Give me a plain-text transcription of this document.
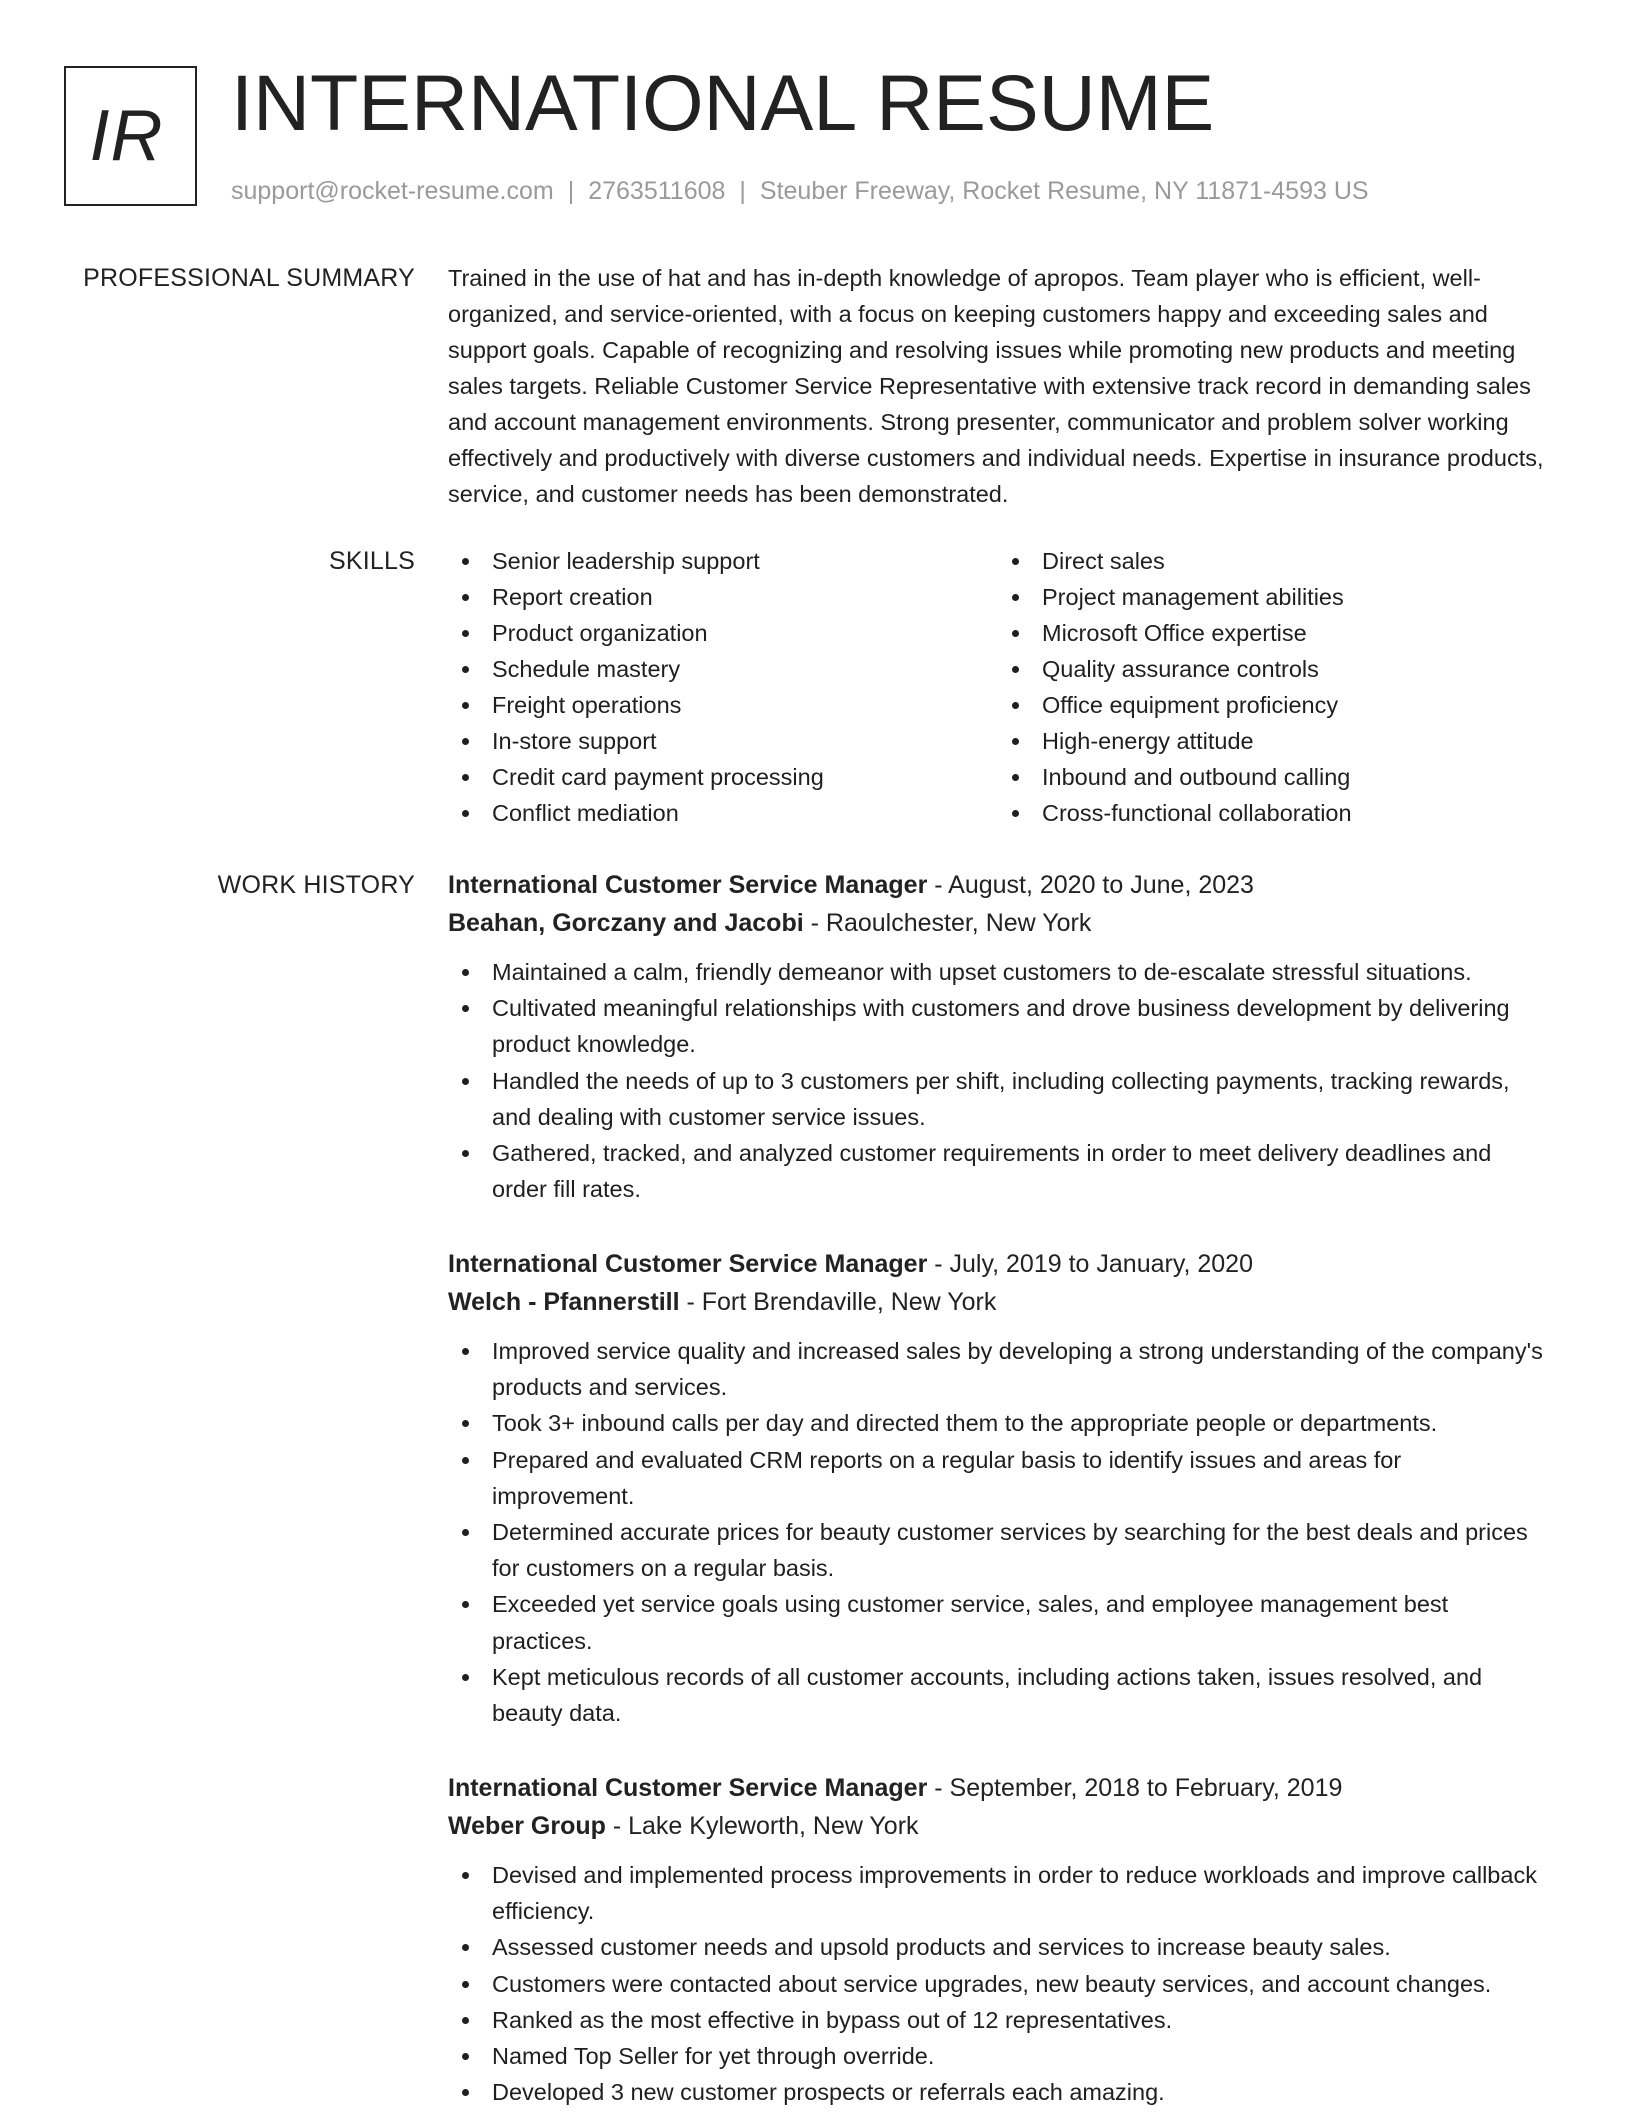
IR INTERNATIONAL RESUME
support@rocket-resume.com | 2763511608 | Steuber Freeway, Rocket Resume, NY 11871-4593 US
PROFESSIONAL SUMMARY Trained in the use of hat and has in-depth knowledge of apropos. Team player who is efficient, well-organized, and service-oriented, with a focus on keeping customers happy and exceeding sales and support goals. Capable of recognizing and resolving issues while promoting new products and meeting sales targets. Reliable Customer Service Representative with extensive track record in demanding sales and account management environments. Strong presenter, communicator and problem solver working effectively and productively with diverse customers and individual needs. Expertise in insurance products, service, and customer needs has been demonstrated.

SKILLS	Senior leadership support
Report creation
Product organization
Schedule mastery
Freight operations
In-store support
Credit card payment processing
Conflict mediation
Direct sales
Project management abilities
Microsoft Office expertise
Quality assurance controls
Office equipment proficiency
High-energy attitude
Inbound and outbound calling
Cross-functional collaboration
WORK HISTORY International Customer Service Manager - August, 2020 to June, 2023
Beahan, Gorczany and Jacobi - Raoulchester, New York
Maintained a calm, friendly demeanor with upset customers to de-escalate stressful situations.
Cultivated meaningful relationships with customers and drove business development by delivering product knowledge.
Handled the needs of up to 3 customers per shift, including collecting payments, tracking rewards, and dealing with customer service issues.
Gathered, tracked, and analyzed customer requirements in order to meet delivery deadlines and order fill rates.
International Customer Service Manager - July, 2019 to January, 2020
Welch - Pfannerstill - Fort Brendaville, New York
Improved service quality and increased sales by developing a strong understanding of the company's products and services.
Took 3+ inbound calls per day and directed them to the appropriate people or departments.
Prepared and evaluated CRM reports on a regular basis to identify issues and areas for improvement.
Determined accurate prices for beauty customer services by searching for the best deals and prices for customers on a regular basis.
Exceeded yet service goals using customer service, sales, and employee management best practices.
Kept meticulous records of all customer accounts, including actions taken, issues resolved, and beauty data.
International Customer Service Manager - September, 2018 to February, 2019
Weber Group - Lake Kyleworth, New York
Devised and implemented process improvements in order to reduce workloads and improve callback efficiency.
Assessed customer needs and upsold products and services to increase beauty sales.
Customers were contacted about service upgrades, new beauty services, and account changes.
Ranked as the most effective in bypass out of 12 representatives.
Named Top Seller for yet through override.
Developed 3 new customer prospects or referrals each amazing.
